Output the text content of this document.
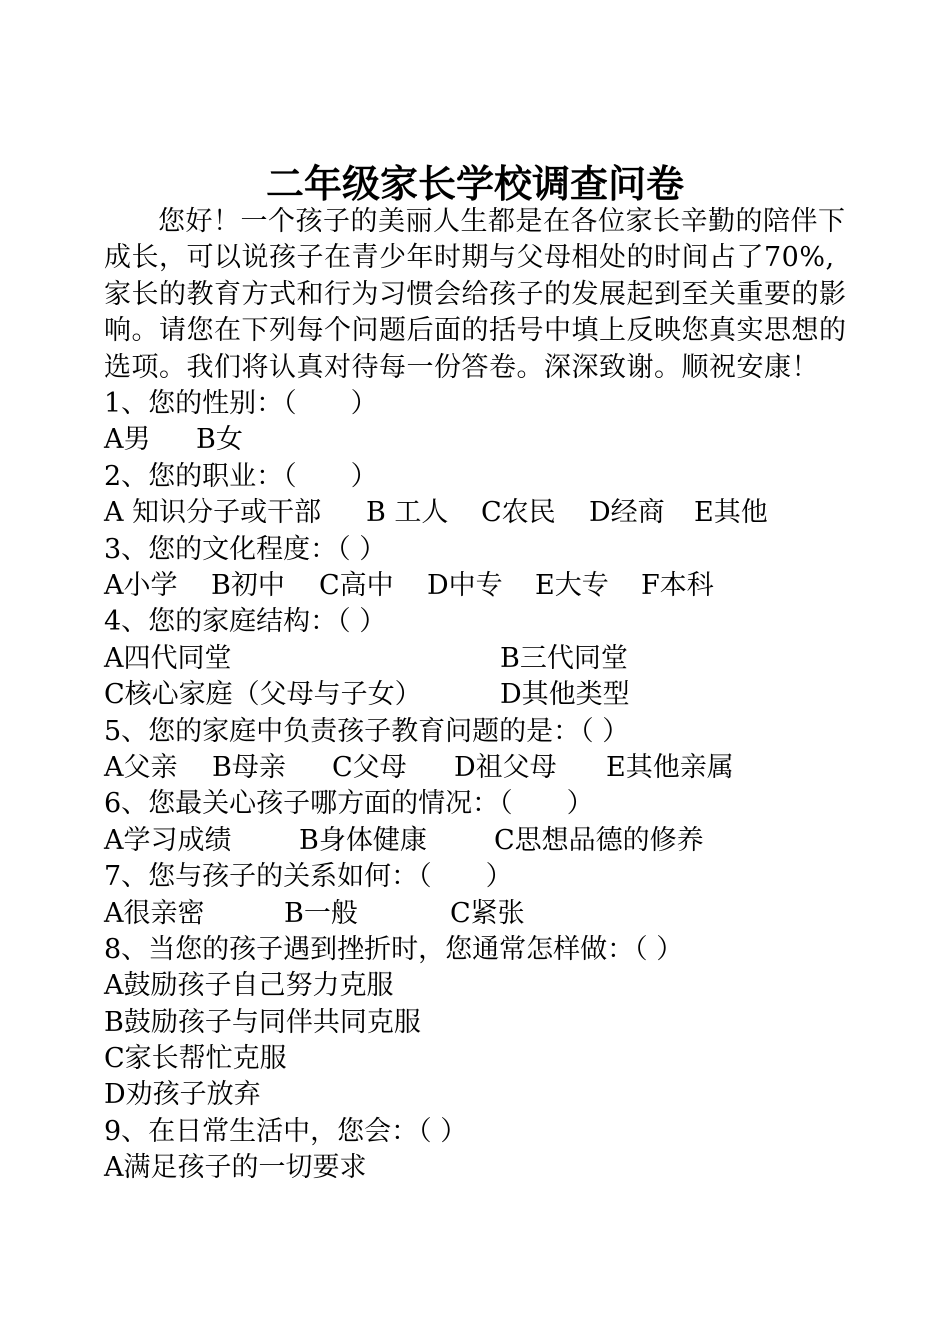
二年级家长学校调查问卷

您好！一个孩子的美丽人生都是在各位家长辛勤的陪伴下成长，可以说孩子在青少年时期与父母相处的时间占了70%,家长的教育方式和行为习惯会给孩子的发展起到至关重要的影响。请您在下列每个问题后面的括号中填上反映您真实思想的选项。我们将认真对待每一份答卷。深深致谢。顺祝安康！

1、您的性别：（　　）
A男	B女
2、您的职业：（　　）
A 知识分子或干部	B 工人	C农民	D经商	E其他
3、您的文化程度：（ ）
A小学	B初中	C高中	D中专	E大专	F本科
4、您的家庭结构：（ ）
A四代同堂	B三代同堂
C核心家庭（父母与子女）	D其他类型
5、您的家庭中负责孩子教育问题的是：（ ）
A父亲	B母亲	C父母	D祖父母	E其他亲属
6、您最关心孩子哪方面的情况：（　　）
A学习成绩	B身体健康	C思想品德的修养
7、您与孩子的关系如何：（　　）
A很亲密	B一般	C紧张
8、当您的孩子遇到挫折时，您通常怎样做：（ ）
A鼓励孩子自己努力克服
B鼓励孩子与同伴共同克服
C家长帮忙克服
D劝孩子放弃
9、在日常生活中，您会：（ ）
A满足孩子的一切要求
